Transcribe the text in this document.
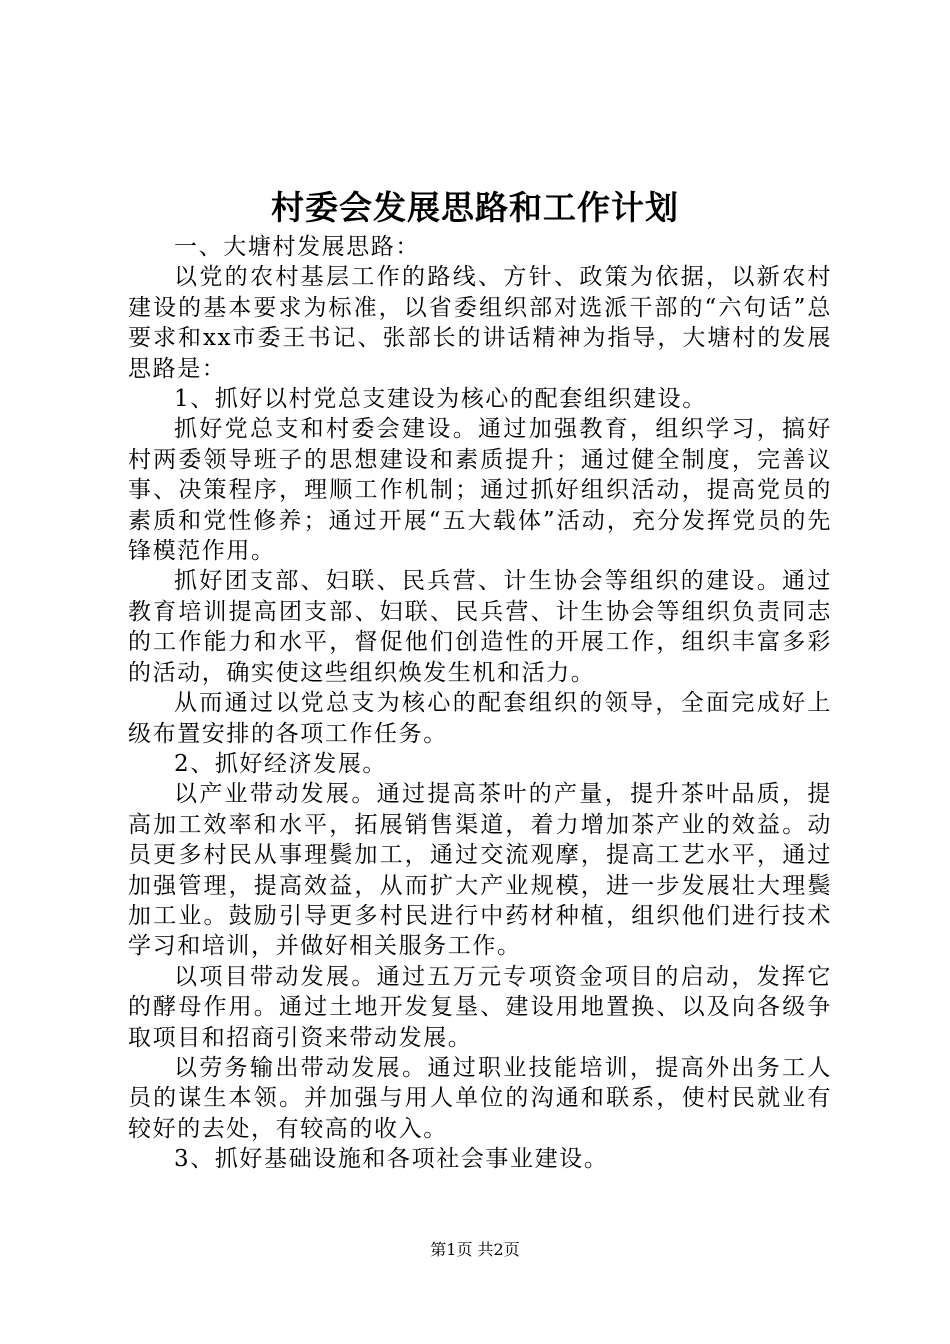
村委会发展思路和工作计划

一、大塘村发展思路：

以党的农村基层工作的路线、方针、政策为依据，以新农村建设的基本要求为标准，以省委组织部对选派干部的“六句话”总要求和xx市委王书记、张部长的讲话精神为指导，大塘村的发展思路是：

1、抓好以村党总支建设为核心的配套组织建设。

抓好党总支和村委会建设。通过加强教育，组织学习，搞好村两委领导班子的思想建设和素质提升；通过健全制度，完善议事、决策程序，理顺工作机制；通过抓好组织活动，提高党员的素质和党性修养；通过开展“五大载体”活动，充分发挥党员的先锋模范作用。

抓好团支部、妇联、民兵营、计生协会等组织的建设。通过教育培训提高团支部、妇联、民兵营、计生协会等组织负责同志的工作能力和水平，督促他们创造性的开展工作，组织丰富多彩的活动，确实使这些组织焕发生机和活力。

从而通过以党总支为核心的配套组织的领导，全面完成好上级布置安排的各项工作任务。

2、抓好经济发展。

以产业带动发展。通过提高茶叶的产量，提升茶叶品质，提高加工效率和水平，拓展销售渠道，着力增加茶产业的效益。动员更多村民从事理鬓加工，通过交流观摩，提高工艺水平，通过加强管理，提高效益，从而扩大产业规模，进一步发展壮大理鬓加工业。鼓励引导更多村民进行中药材种植，组织他们进行技术学习和培训，并做好相关服务工作。

以项目带动发展。通过五万元专项资金项目的启动，发挥它的酵母作用。通过土地开发复垦、建设用地置换、以及向各级争取项目和招商引资来带动发展。

以劳务输出带动发展。通过职业技能培训，提高外出务工人员的谋生本领。并加强与用人单位的沟通和联系，使村民就业有较好的去处，有较高的收入。

3、抓好基础设施和各项社会事业建设。

第1页 共2页
